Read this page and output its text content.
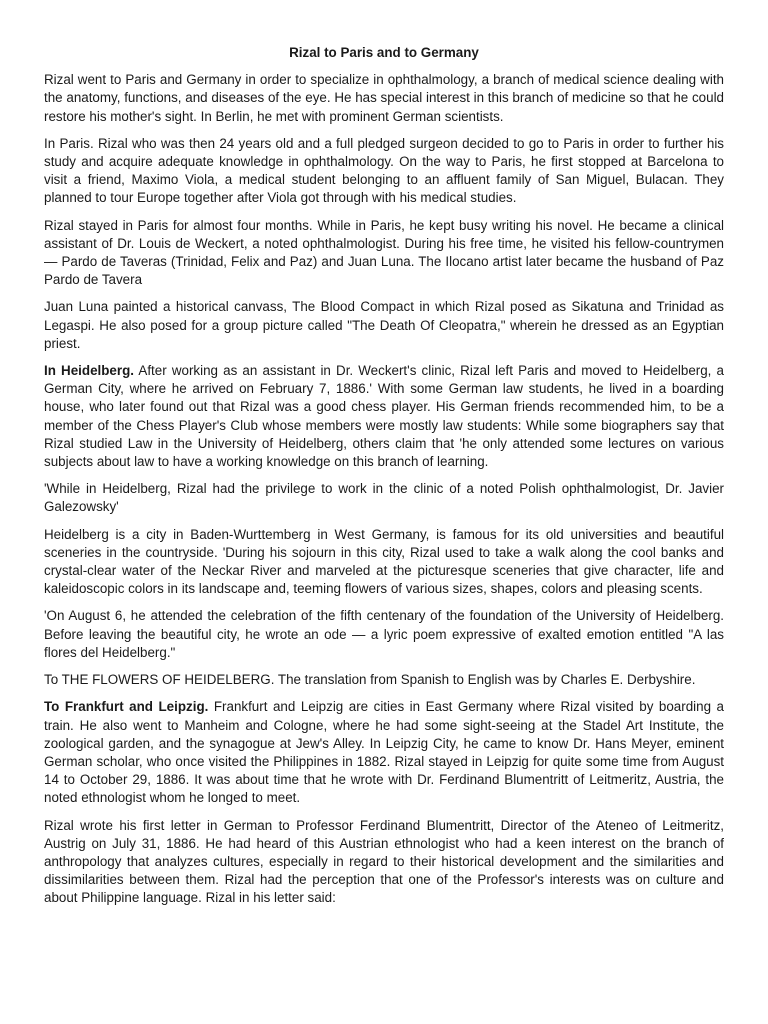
Rizal to Paris and to Germany

Rizal went to Paris and Germany in order to specialize in ophthalmology, a branch of medical science dealing with the anatomy, functions, and diseases of the eye. He has special interest in this branch of medicine so that he could restore his mother's sight. In Berlin, he met with prominent German scientists.

In Paris. Rizal who was then 24 years old and a full pledged surgeon decided to go to Paris in order to further his study and acquire adequate knowledge in ophthalmology. On the way to Paris, he first stopped at Barcelona to visit a friend, Maximo Viola, a medical student belonging to an affluent family of San Miguel, Bulacan. They planned to tour Europe together after Viola got through with his medical studies.

Rizal stayed in Paris for almost four months. While in Paris, he kept busy writing his novel. He became a clinical assistant of Dr. Louis de Weckert, a noted ophthalmologist. During his free time, he visited his fellow-countrymen — Pardo de Taveras (Trinidad, Felix and Paz) and Juan Luna. The Ilocano artist later became the husband of Paz Pardo de Tavera

Juan Luna painted a historical canvass, The Blood Compact in which Rizal posed as Sikatuna and Trinidad as Legaspi. He also posed for a group picture called "The Death Of Cleopatra," wherein he dressed as an Egyptian priest.

In Heidelberg. After working as an assistant in Dr. Weckert's clinic, Rizal left Paris and moved to Heidelberg, a German City, where he arrived on February 7, 1886.' With some German law students, he lived in a boarding house, who later found out that Rizal was a good chess player. His German friends recommended him, to be a member of the Chess Player's Club whose members were mostly law students: While some biographers say that Rizal studied Law in the University of Heidelberg, others claim that 'he only attended some lectures on various subjects about law to have a working knowledge on this branch of learning.

'While in Heidelberg, Rizal had the privilege to work in the clinic of a noted Polish ophthalmologist, Dr. Javier Galezowsky'

Heidelberg is a city in Baden-Wurttemberg in West Germany, is famous for its old universities and beautiful sceneries in the countryside. 'During his sojourn in this city, Rizal used to take a walk along the cool banks and crystal-clear water of the Neckar River and marveled at the picturesque sceneries that give character, life and kaleidoscopic colors in its landscape and, teeming flowers of various sizes, shapes, colors and pleasing scents.

'On August 6, he attended the celebration of the fifth centenary of the foundation of the University of Heidelberg. Before leaving the beautiful city, he wrote an ode — a lyric poem expressive of exalted emotion entitled "A las flores del Heidelberg."

To THE FLOWERS OF HEIDELBERG. The translation from Spanish to English was by Charles E. Derbyshire.

To Frankfurt and Leipzig. Frankfurt and Leipzig are cities in East Germany where Rizal visited by boarding a train. He also went to Manheim and Cologne, where he had some sight-seeing at the Stadel Art Institute, the zoological garden, and the synagogue at Jew's Alley. In Leipzig City, he came to know Dr. Hans Meyer, eminent German scholar, who once visited the Philippines in 1882. Rizal stayed in Leipzig for quite some time from August 14 to October 29, 1886. It was about time that he wrote with Dr. Ferdinand Blumentritt of Leitmeritz, Austria, the noted ethnologist whom he longed to meet.

Rizal wrote his first letter in German to Professor Ferdinand Blumentritt, Director of the Ateneo of Leitmeritz, Austrig on July 31, 1886. He had heard of this Austrian ethnologist who had a keen interest on the branch of anthropology that analyzes cultures, especially in regard to their historical development and the similarities and dissimilarities between them. Rizal had the perception that one of the Professor's interests was on culture and about Philippine language. Rizal in his letter said:
